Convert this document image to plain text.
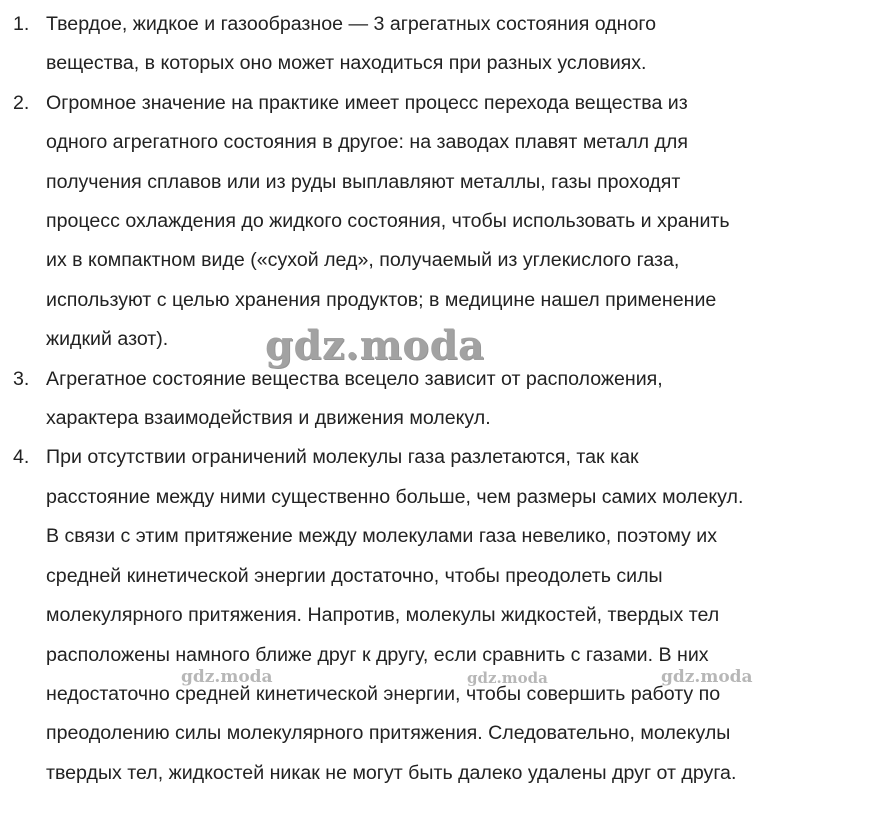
1. Твердое, жидкое и газообразное — 3 агрегатных состояния одного
вещества, в которых оно может находиться при разных условиях.
2. Огромное значение на практике имеет процесс перехода вещества из
одного агрегатного состояния в другое: на заводах плавят металл для
получения сплавов или из руды выплавляют металлы, газы проходят
процесс охлаждения до жидкого состояния, чтобы использовать и хранить
их в компактном виде («сухой лед», получаемый из углекислого газа,
используют с целью хранения продуктов; в медицине нашел применение
жидкий азот).
3. Агрегатное состояние вещества всецело зависит от расположения,
характера взаимодействия и движения молекул.
4. При отсутствии ограничений молекулы газа разлетаются, так как
расстояние между ними существенно больше, чем размеры самих молекул.
В связи с этим притяжение между молекулами газа невелико, поэтому их
средней кинетической энергии достаточно, чтобы преодолеть силы
молекулярного притяжения. Напротив, молекулы жидкостей, твердых тел
расположены намного ближе друг к другу, если сравнить с газами. В них
недостаточно средней кинетической энергии, чтобы совершить работу по
преодолению силы молекулярного притяжения. Следовательно, молекулы
твердых тел, жидкостей никак не могут быть далеко удалены друг от друга.
gdz.moda
gdz.moda	gdz.moda	gdz.moda
